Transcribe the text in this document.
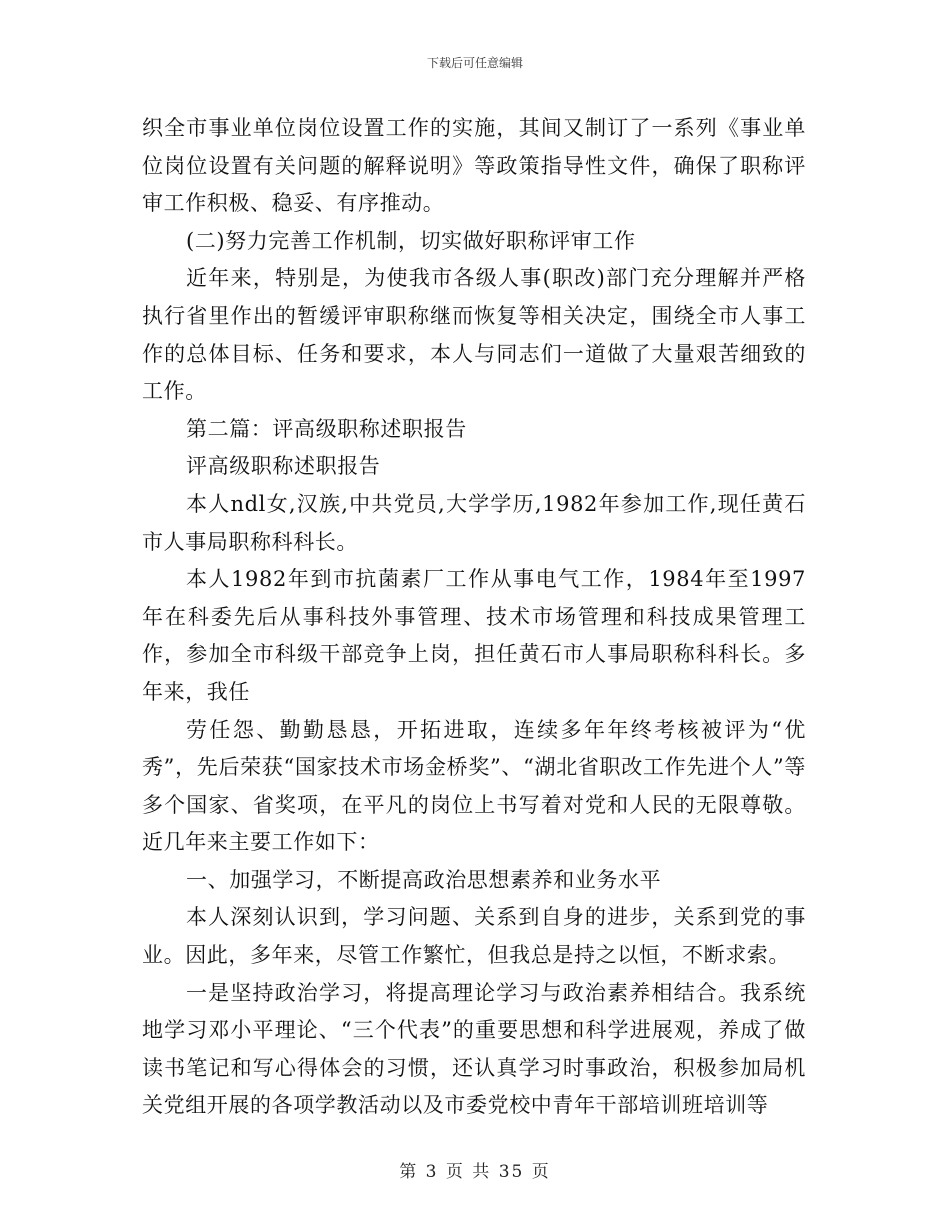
下载后可任意编辑

织全市事业单位岗位设置工作的实施，其间又制订了一系列《事业单位岗位设置有关问题的解释说明》等政策指导性文件，确保了职称评审工作积极、稳妥、有序推动。

(二)努力完善工作机制，切实做好职称评审工作

近年来，特别是，为使我市各级人事(职改)部门充分理解并严格执行省里作出的暂缓评审职称继而恢复等相关决定，围绕全市人事工作的总体目标、任务和要求，本人与同志们一道做了大量艰苦细致的工作。

第二篇：评高级职称述职报告

评高级职称述职报告

本人ndl女,汉族,中共党员,大学学历,1982年参加工作,现任黄石市人事局职称科科长。

本人1982年到市抗菌素厂工作从事电气工作，1984年至1997年在科委先后从事科技外事管理、技术市场管理和科技成果管理工作，参加全市科级干部竞争上岗，担任黄石市人事局职称科科长。多年来，我任

劳任怨、勤勤恳恳，开拓进取，连续多年年终考核被评为“优秀”，先后荣获“国家技术市场金桥奖”、“湖北省职改工作先进个人”等多个国家、省奖项，在平凡的岗位上书写着对党和人民的无限尊敬。近几年来主要工作如下：

一、加强学习，不断提高政治思想素养和业务水平

本人深刻认识到，学习问题、关系到自身的进步，关系到党的事业。因此，多年来，尽管工作繁忙，但我总是持之以恒，不断求索。

一是坚持政治学习，将提高理论学习与政治素养相结合。我系统地学习邓小平理论、“三个代表”的重要思想和科学进展观，养成了做读书笔记和写心得体会的习惯，还认真学习时事政治，积极参加局机关党组开展的各项学教活动以及市委党校中青年干部培训班培训等

第 3 页 共 35 页
